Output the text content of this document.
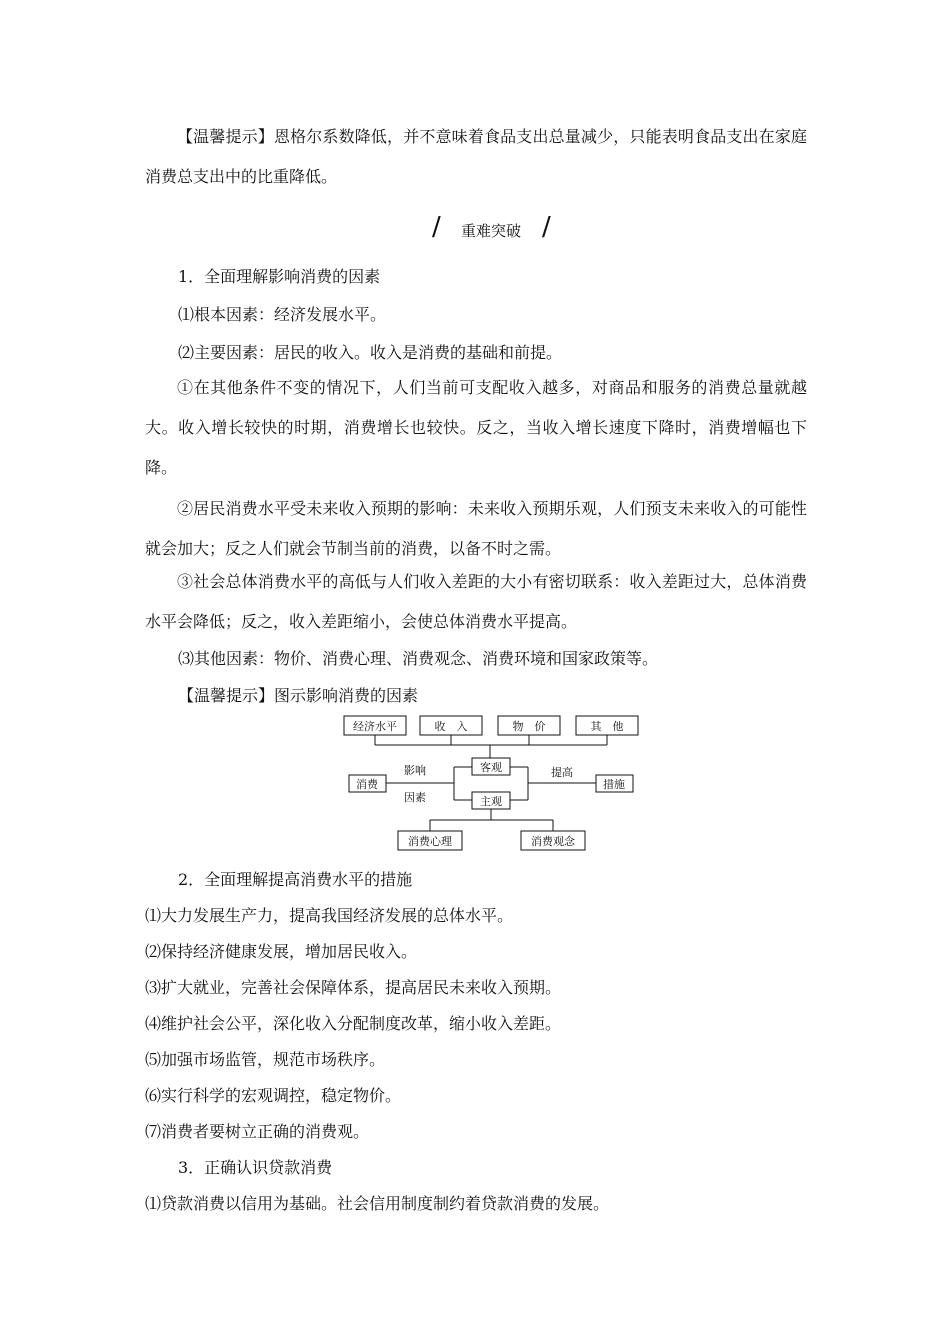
【温馨提示】恩格尔系数降低，并不意味着食品支出总量减少，只能表明食品支出在家庭消费总支出中的比重降低。

/ 重难突破 /

1．全面理解影响消费的因素

⑴根本因素：经济发展水平。

⑵主要因素：居民的收入。收入是消费的基础和前提。

①在其他条件不变的情况下，人们当前可支配收入越多，对商品和服务的消费总量就越大。收入增长较快的时期，消费增长也较快。反之，当收入增长速度下降时，消费增幅也下降。

②居民消费水平受未来收入预期的影响：未来收入预期乐观，人们预支未来收入的可能性就会加大；反之人们就会节制当前的消费，以备不时之需。

③社会总体消费水平的高低与人们收入差距的大小有密切联系：收入差距过大，总体消费水平会降低；反之，收入差距缩小，会使总体消费水平提高。

⑶其他因素：物价、消费心理、消费观念、消费环境和国家政策等。

【温馨提示】图示影响消费的因素

经济水平	收　入	物　价	其　他
客观
主观
消费
影响
因素
提高
措施
消费心理	消费观念

2．全面理解提高消费水平的措施

⑴大力发展生产力，提高我国经济发展的总体水平。

⑵保持经济健康发展，增加居民收入。

⑶扩大就业，完善社会保障体系，提高居民未来收入预期。

⑷维护社会公平，深化收入分配制度改革，缩小收入差距。

⑸加强市场监管，规范市场秩序。

⑹实行科学的宏观调控，稳定物价。

⑺消费者要树立正确的消费观。

3．正确认识贷款消费

⑴贷款消费以信用为基础。社会信用制度制约着贷款消费的发展。
